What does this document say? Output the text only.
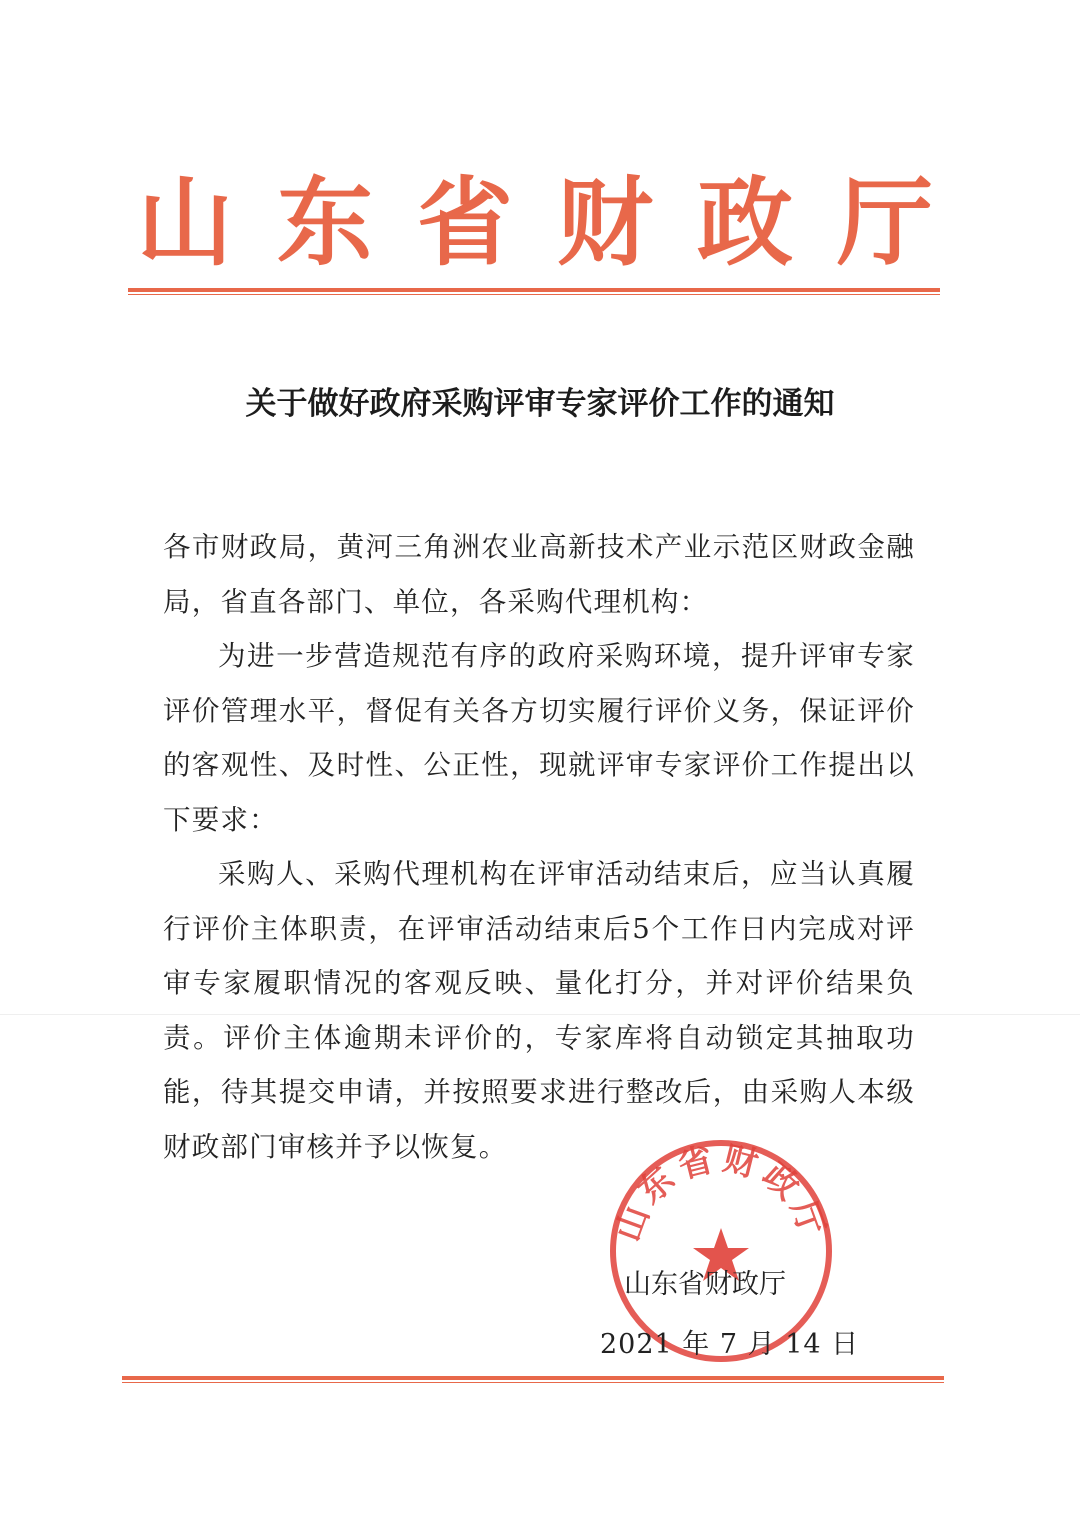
山 东 省 财 政 厅
关于做好政府采购评审专家评价工作的通知

各市财政局，黄河三角洲农业高新技术产业示范区财政金融局，省直各部门、单位，各采购代理机构：

为进一步营造规范有序的政府采购环境，提升评审专家评价管理水平，督促有关各方切实履行评价义务，保证评价的客观性、及时性、公正性，现就评审专家评价工作提出以下要求：

采购人、采购代理机构在评审活动结束后，应当认真履行评价主体职责，在评审活动结束后5个工作日内完成对评审专家履职情况的客观反映、量化打分，并对评价结果负责。评价主体逾期未评价的，专家库将自动锁定其抽取功能，待其提交申请，并按照要求进行整改后，由采购人本级财政部门审核并予以恢复。

山东省财政厅
山东省财政厅
2021 年 7 月 14 日
